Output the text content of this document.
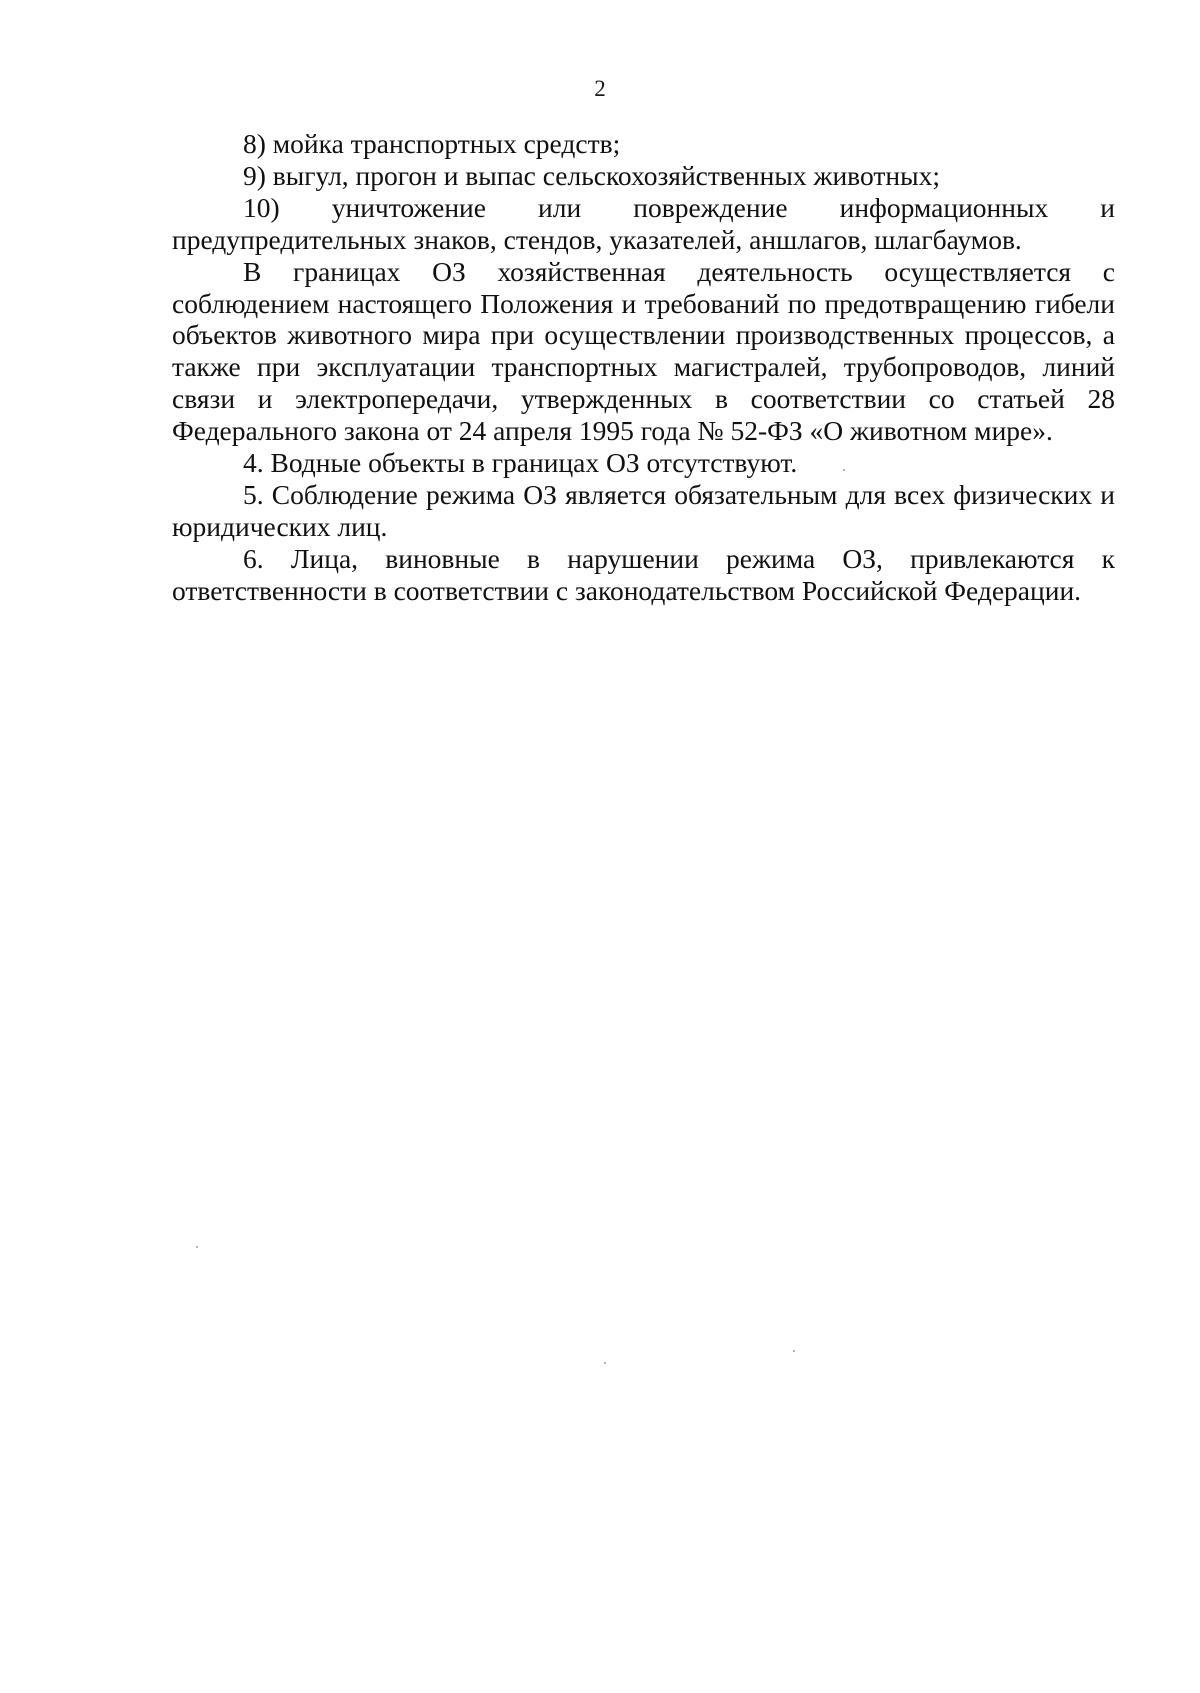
2

8) мойка транспортных средств;

9) выгул, прогон и выпас сельскохозяйственных животных;

10) уничтожение или повреждение информационных и предупредительных знаков, стендов, указателей, аншлагов, шлагбаумов.

В границах ОЗ хозяйственная деятельность осуществляется с соблюдением настоящего Положения и требований по предотвращению гибели объектов животного мира при осуществлении производственных процессов, а также при эксплуатации транспортных магистралей, трубопроводов, линий связи и электропередачи, утвержденных в соответствии со статьей 28 Федерального закона от 24 апреля 1995 года № 52-ФЗ «О животном мире».

4. Водные объекты в границах ОЗ отсутствуют.

5. Соблюдение режима ОЗ является обязательным для всех физических и юридических лиц.

6. Лица, виновные в нарушении режима ОЗ, привлекаются к ответственности в соответствии с законодательством Российской Федерации.
